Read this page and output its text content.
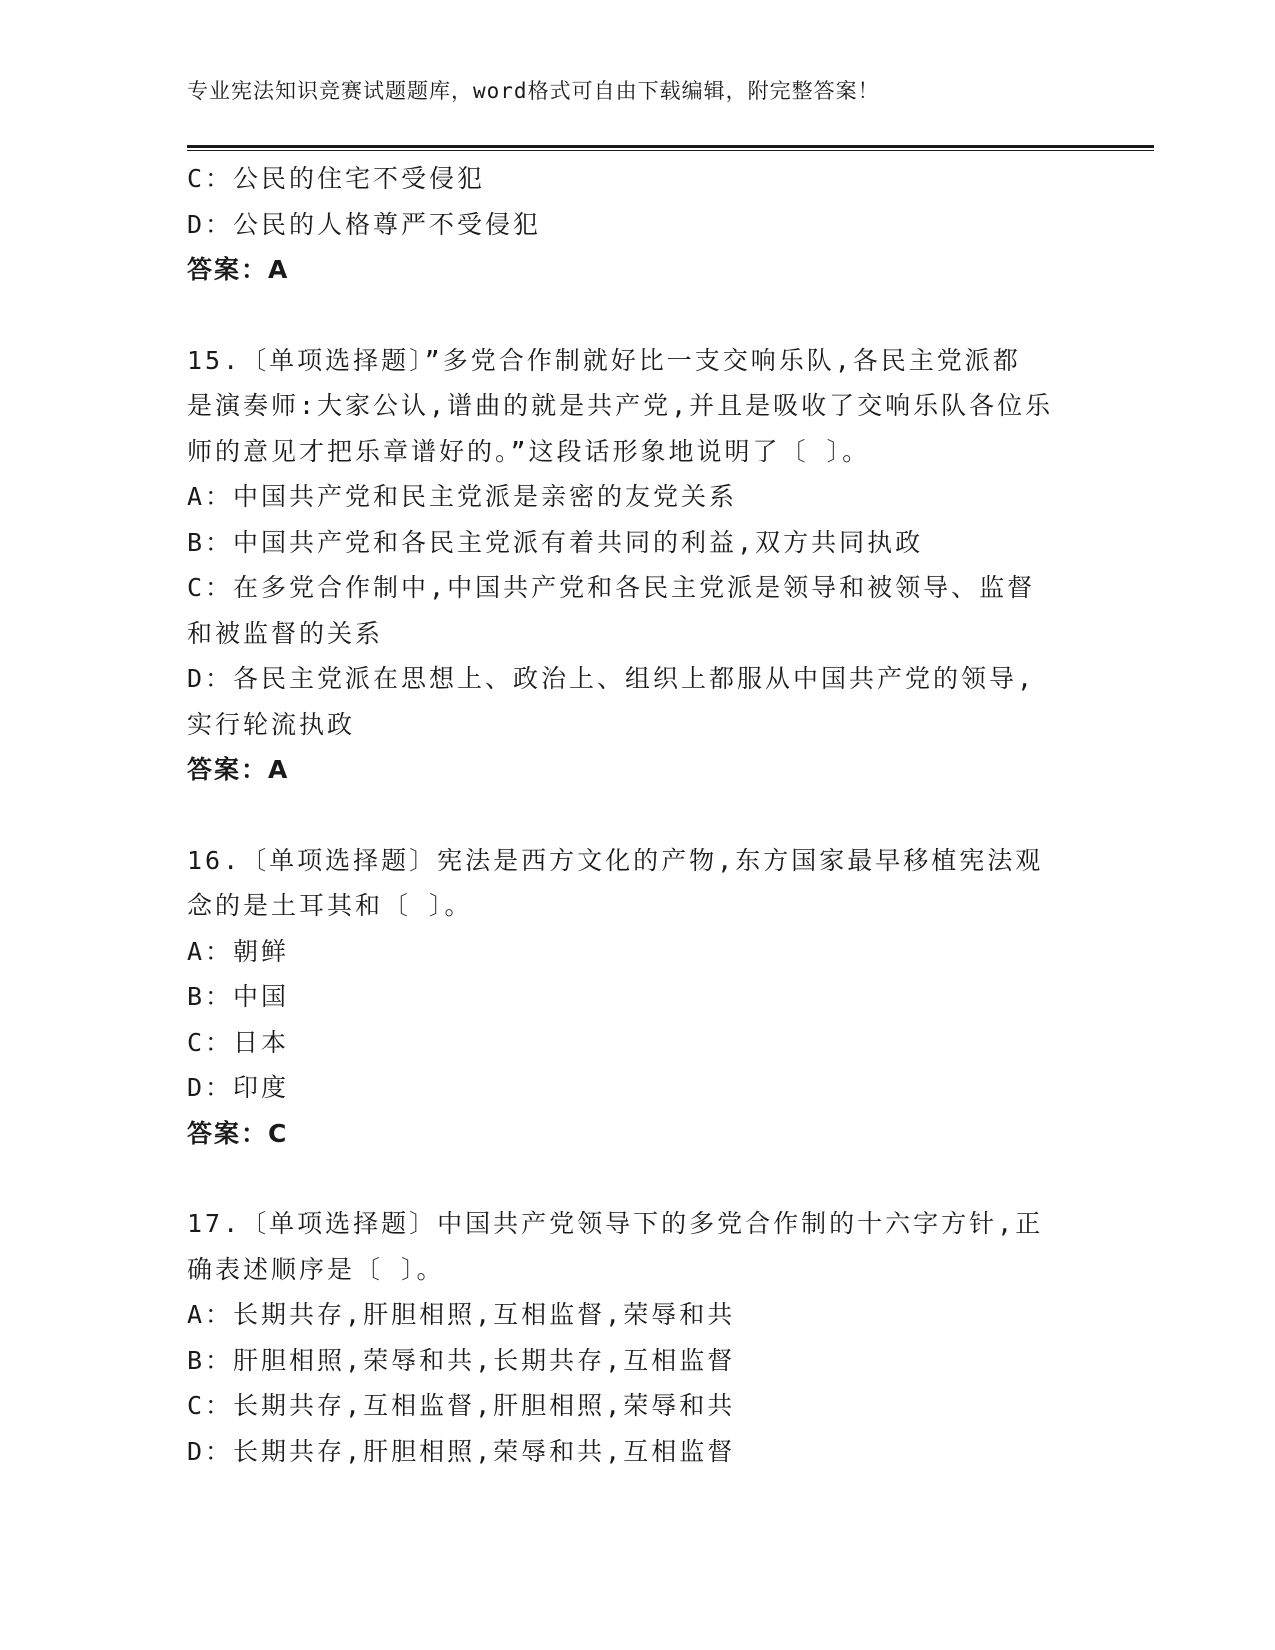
专业宪法知识竞赛试题题库，word格式可自由下载编辑，附完整答案！
C：公民的住宅不受侵犯
D：公民的人格尊严不受侵犯
答案：A
15.〔单项选择题〕”多党合作制就好比一支交响乐队,各民主党派都
是演奏师:大家公认,谱曲的就是共产党,并且是吸收了交响乐队各位乐
师的意见才把乐章谱好的。”这段话形象地说明了〔 〕。
A：中国共产党和民主党派是亲密的友党关系
B：中国共产党和各民主党派有着共同的利益,双方共同执政
C：在多党合作制中,中国共产党和各民主党派是领导和被领导、监督
和被监督的关系
D：各民主党派在思想上、政治上、组织上都服从中国共产党的领导,
实行轮流执政
答案：A
16.〔单项选择题〕宪法是西方文化的产物,东方国家最早移植宪法观
念的是土耳其和〔 〕。
A：朝鲜
B：中国
C：日本
D：印度
答案：C
17.〔单项选择题〕中国共产党领导下的多党合作制的十六字方针,正
确表述顺序是〔 〕。
A：长期共存,肝胆相照,互相监督,荣辱和共
B：肝胆相照,荣辱和共,长期共存,互相监督
C：长期共存,互相监督,肝胆相照,荣辱和共
D：长期共存,肝胆相照,荣辱和共,互相监督
